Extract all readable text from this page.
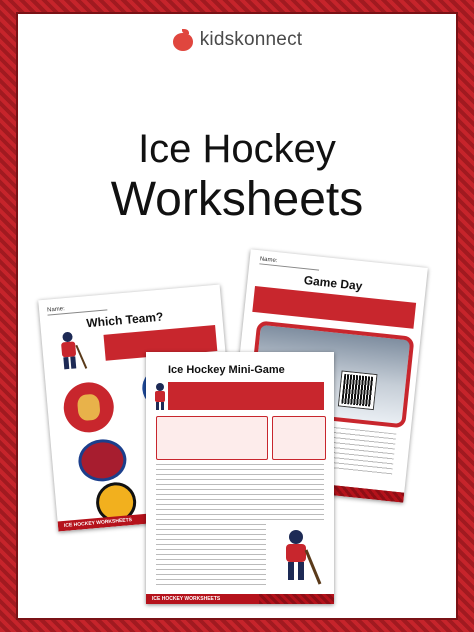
kidskonnect
Ice Hockey
Worksheets
Name:	Which Team?
ICE HOCKEY WORKSHEETS
Name:
Game Day
Ice Hockey Mini-Game
ICE HOCKEY WORKSHEETS
